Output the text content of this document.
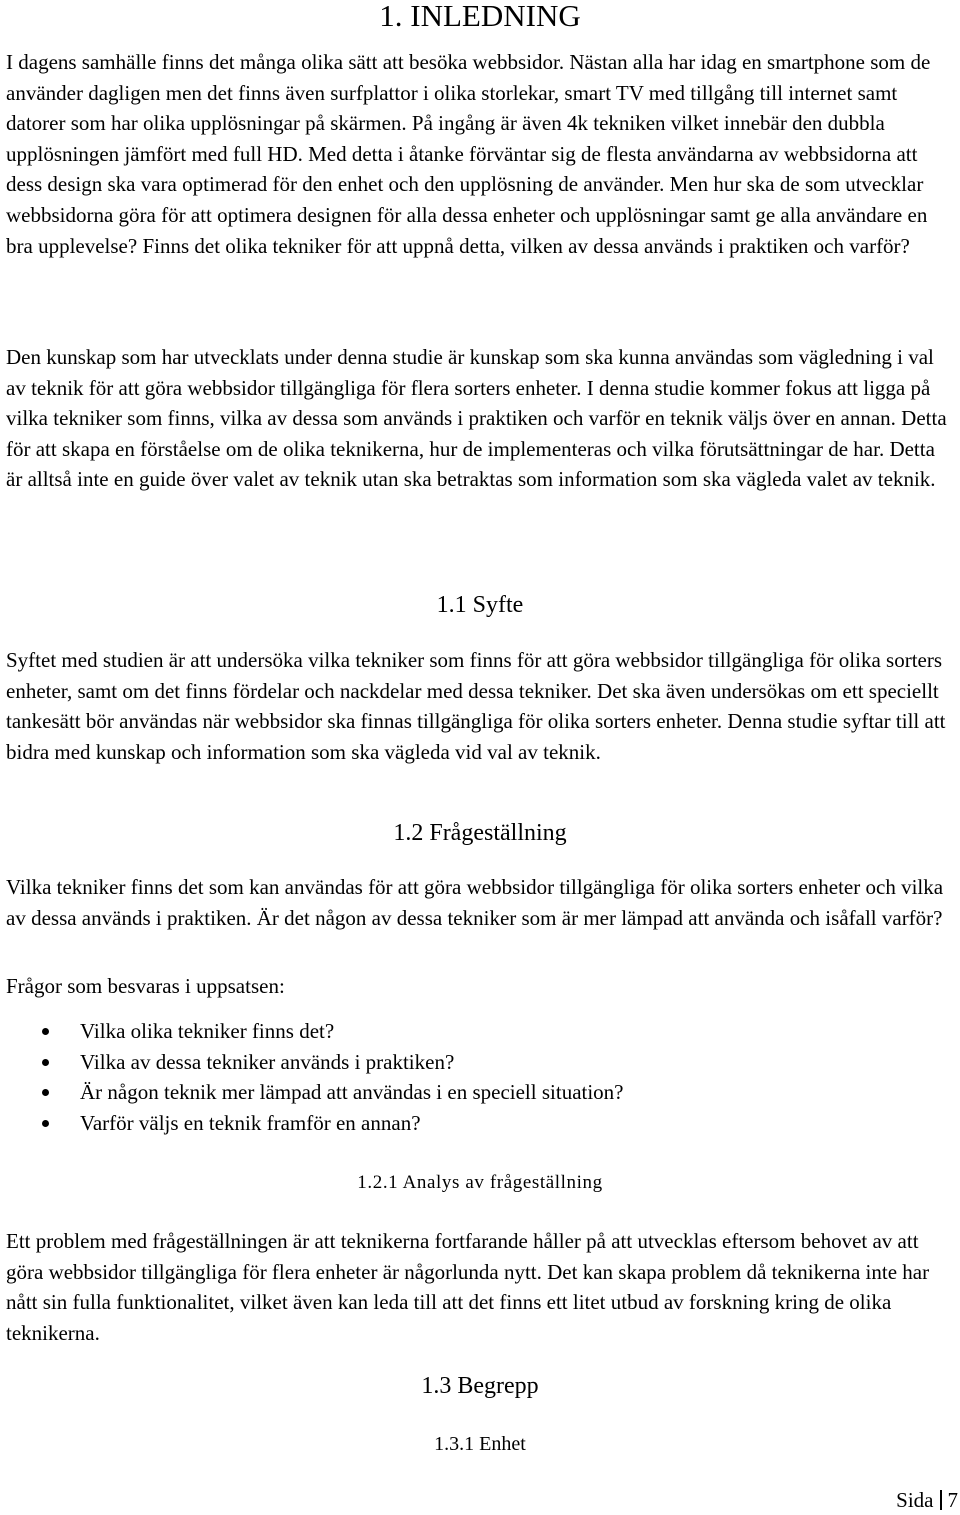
1. INLEDNING

I dagens samhälle finns det många olika sätt att besöka webbsidor. Nästan alla har idag en smartphone som de använder dagligen men det finns även surfplattor i olika storlekar, smart TV med tillgång till internet samt datorer som har olika upplösningar på skärmen. På ingång är även 4k tekniken vilket innebär den dubbla upplösningen jämfört med full HD. Med detta i åtanke förväntar sig de flesta användarna av webbsidorna att dess design ska vara optimerad för den enhet och den upplösning de använder. Men hur ska de som utvecklar webbsidorna göra för att optimera designen för alla dessa enheter och upplösningar samt ge alla användare en bra upplevelse? Finns det olika tekniker för att uppnå detta, vilken av dessa används i praktiken och varför?

Den kunskap som har utvecklats under denna studie är kunskap som ska kunna användas som vägledning i val av teknik för att göra webbsidor tillgängliga för flera sorters enheter. I denna studie kommer fokus att ligga på vilka tekniker som finns, vilka av dessa som används i praktiken och varför en teknik väljs över en annan. Detta för att skapa en förståelse om de olika teknikerna, hur de implementeras och vilka förutsättningar de har. Detta är alltså inte en guide över valet av teknik utan ska betraktas som information som ska vägleda valet av teknik.

1.1 Syfte

Syftet med studien är att undersöka vilka tekniker som finns för att göra webbsidor tillgängliga för olika sorters enheter, samt om det finns fördelar och nackdelar med dessa tekniker. Det ska även undersökas om ett speciellt tankesätt bör användas när webbsidor ska finnas tillgängliga för olika sorters enheter. Denna studie syftar till att bidra med kunskap och information som ska vägleda vid val av teknik.

1.2 Frågeställning

Vilka tekniker finns det som kan användas för att göra webbsidor tillgängliga för olika sorters enheter och vilka av dessa används i praktiken. Är det någon av dessa tekniker som är mer lämpad att använda och isåfall varför?

Frågor som besvaras i uppsatsen:

Vilka olika tekniker finns det?
Vilka av dessa tekniker används i praktiken?
Är någon teknik mer lämpad att användas i en speciell situation?
Varför väljs en teknik framför en annan?
1.2.1 Analys av frågeställning

Ett problem med frågeställningen är att teknikerna fortfarande håller på att utvecklas eftersom behovet av att göra webbsidor tillgängliga för flera enheter är någorlunda nytt. Det kan skapa problem då teknikerna inte har nått sin fulla funktionalitet, vilket även kan leda till att det finns ett litet utbud av forskning kring de olika teknikerna.

1.3 Begrepp
1.3.1 Enhet
Sida 7
